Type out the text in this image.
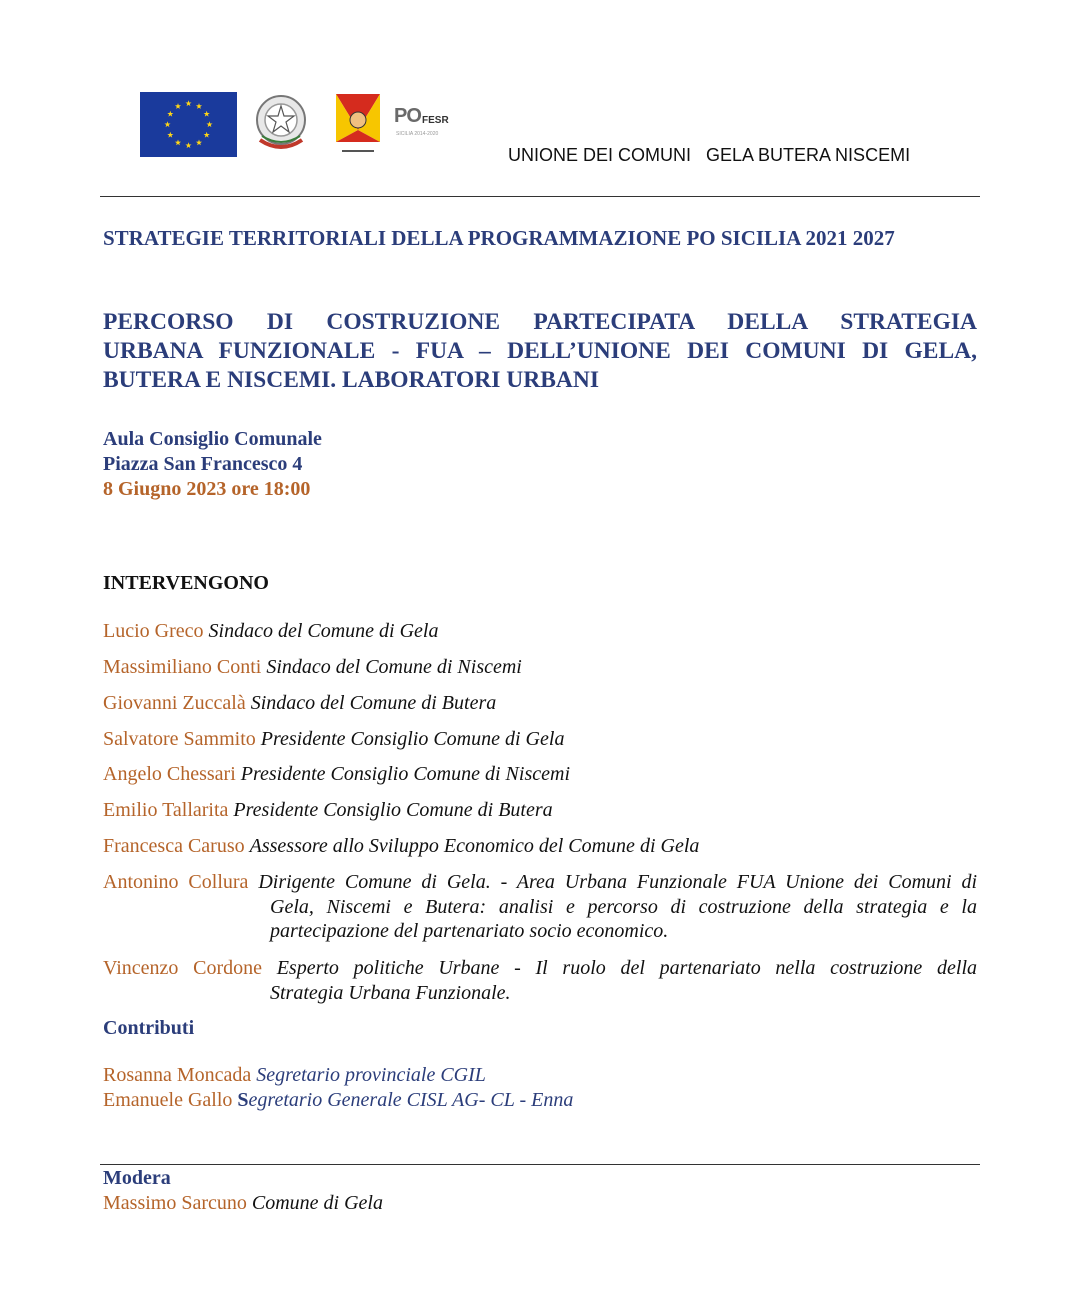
PO FESR
SICILIA 2014-2020
UNIONE DEI COMUNI   GELA BUTERA NISCEMI
STRATEGIE TERRITORIALI DELLA PROGRAMMAZIONE PO SICILIA 2021 2027
PERCORSO DI COSTRUZIONE PARTECIPATA DELLA STRATEGIA
URBANA FUNZIONALE - FUA – DELL’UNIONE DEI COMUNI DI GELA,
BUTERA E NISCEMI. LABORATORI URBANI
Aula Consiglio Comunale
Piazza San Francesco 4
8 Giugno 2023 ore 18:00
INTERVENGONO
Lucio Greco Sindaco del Comune di Gela
Massimiliano Conti Sindaco del Comune di Niscemi
Giovanni Zuccalà Sindaco del Comune di Butera
Salvatore Sammito Presidente Consiglio Comune di Gela
Angelo Chessari Presidente Consiglio Comune di Niscemi
Emilio Tallarita Presidente Consiglio Comune di Butera
Francesca Caruso Assessore allo Sviluppo Economico del Comune di Gela
Antonino Collura Dirigente Comune di Gela. - Area Urbana Funzionale FUA Unione dei Comuni di
Gela, Niscemi e Butera: analisi e percorso di costruzione della strategia e la partecipazione del partenariato socio economico.
Vincenzo Cordone Esperto politiche Urbane - Il ruolo del partenariato nella costruzione della
Strategia Urbana Funzionale.
Contributi
Rosanna Moncada Segretario provinciale CGIL
Emanuele Gallo Segretario Generale CISL AG- CL - Enna
Modera
Massimo Sarcuno Comune di Gela
